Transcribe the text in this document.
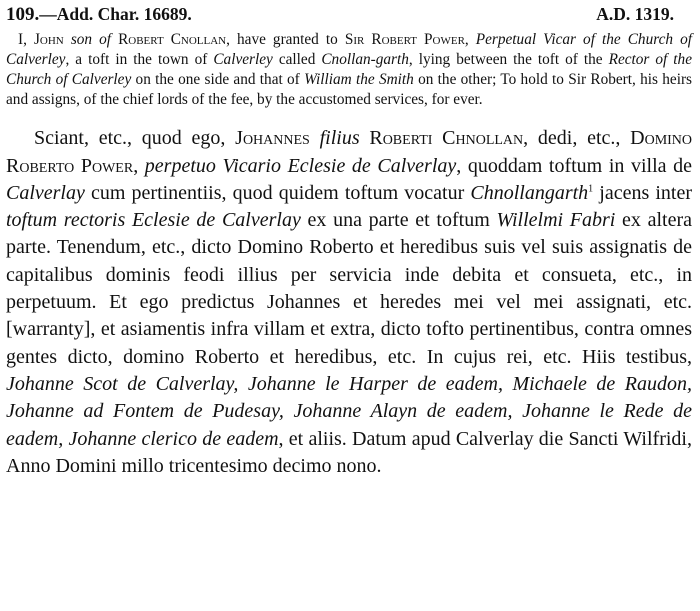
109.—Add. Char. 16689.	A.D. 1319.

I, John son of Robert Cnollan, have granted to Sir Robert Power, Perpetual Vicar of the Church of Calverley, a toft in the town of Calverley called Cnollan-garth, lying between the toft of the Rector of the Church of Calverley on the one side and that of William the Smith on the other; To hold to Sir Robert, his heirs and assigns, of the chief lords of the fee, by the accustomed services, for ever.

Sciant, etc., quod ego, Johannes filius Roberti Chnollan, dedi, etc., Domino Roberto Power, perpetuo Vicario Eclesie de Calverlay, quoddam toftum in villa de Calverlay cum pertinentiis, quod quidem toftum vocatur Chnollangarth$^1$ jacens inter toftum rectoris Eclesie de Calverlay ex una parte et toftum Willelmi Fabri ex altera parte. Tenendum, etc., dicto Domino Roberto et heredibus suis vel suis assignatis de capitalibus dominis feodi illius per servicia inde debita et consueta, etc., in perpetuum. Et ego predictus Johannes et heredes mei vel mei assignati, etc. [warranty], et asiamentis infra villam et extra, dicto tofto pertinentibus, contra omnes gentes dicto, domino Roberto et heredibus, etc. In cujus rei, etc. Hiis testibus, Johanne Scot de Calverlay, Johanne le Harper de eadem, Michaele de Raudon, Johanne ad Fontem de Pudesay, Johanne Alayn de eadem, Johanne le Rede de eadem, Johanne clerico de eadem, et aliis. Datum apud Calverlay die Sancti Wilfridi, Anno Domini millo tricentesimo decimo nono.
